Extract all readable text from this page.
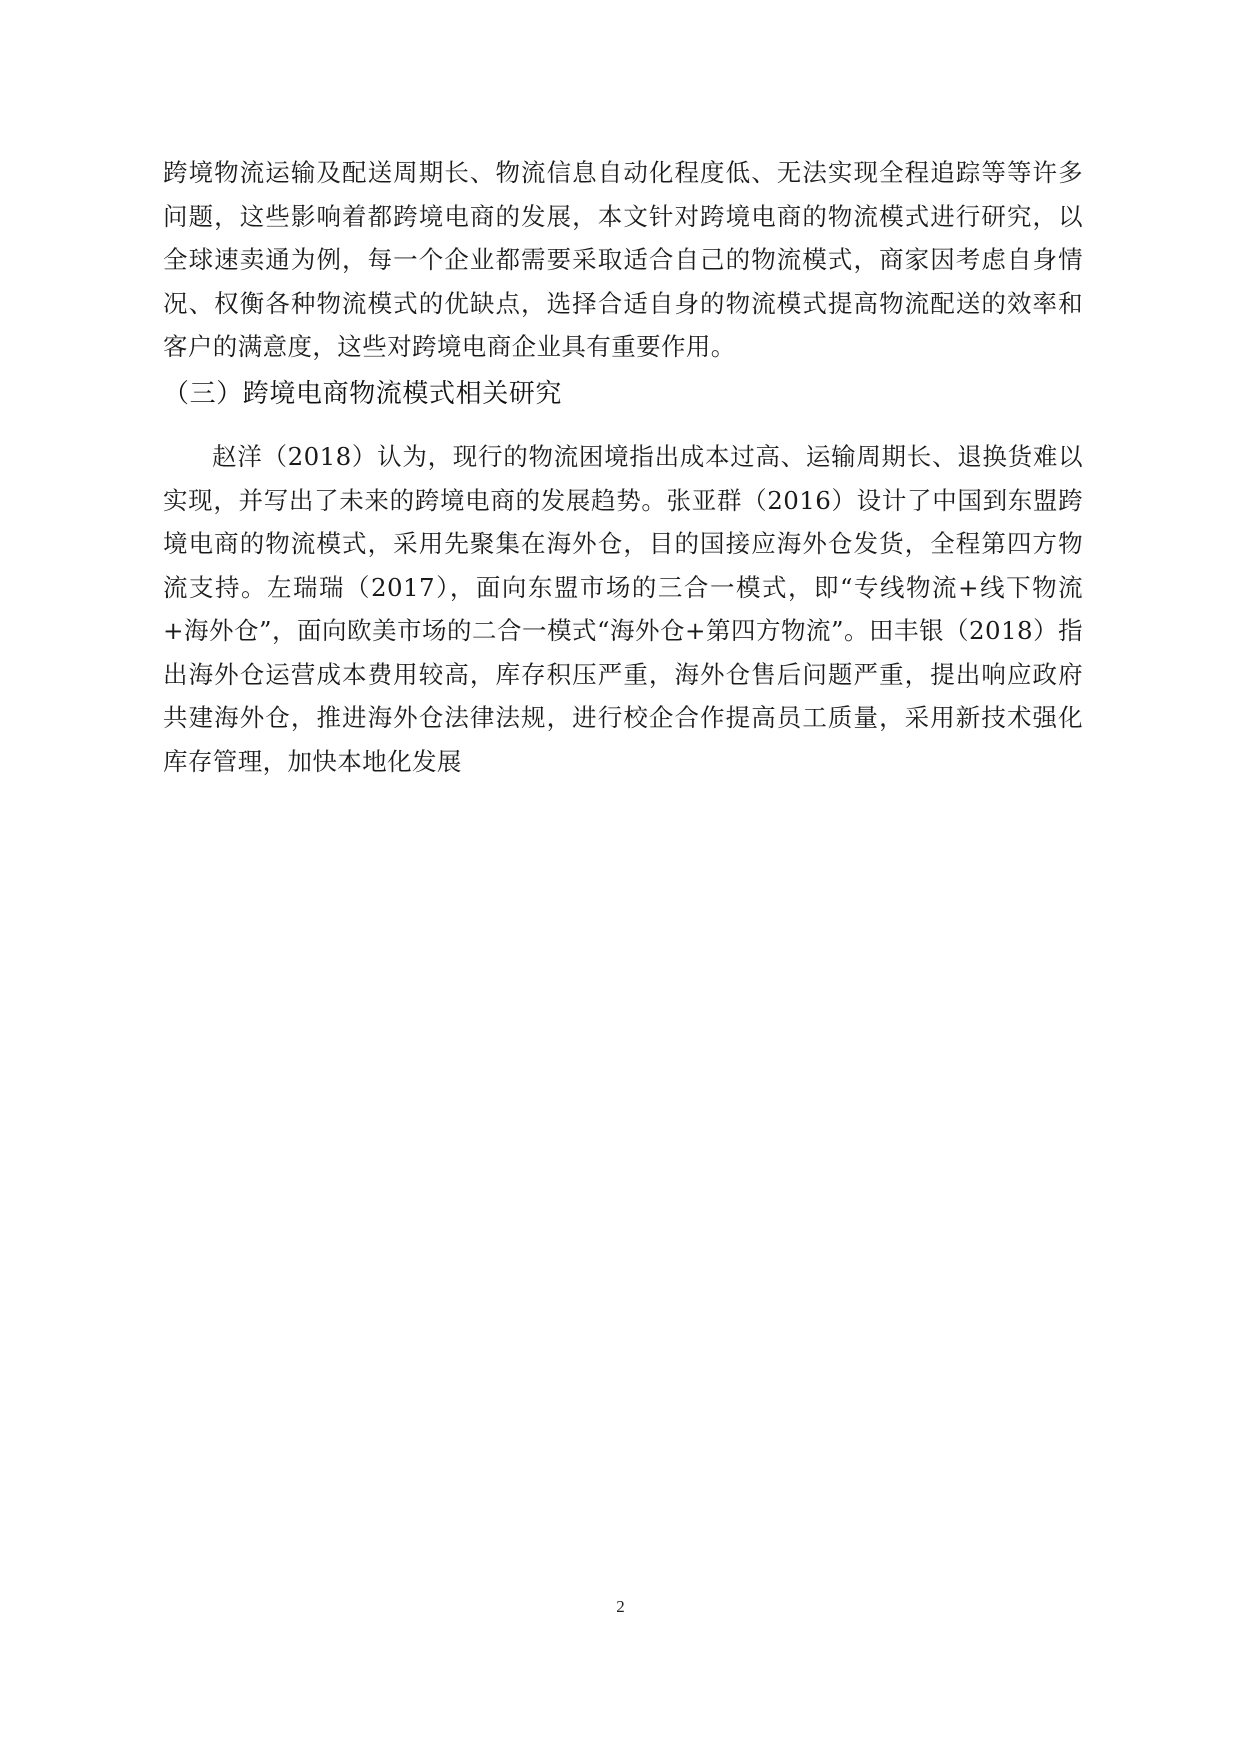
跨境物流运输及配送周期长、物流信息自动化程度低、无法实现全程追踪等等许多问题，这些影响着都跨境电商的发展，本文针对跨境电商的物流模式进行研究，以全球速卖通为例，每一个企业都需要采取适合自己的物流模式，商家因考虑自身情况、权衡各种物流模式的优缺点，选择合适自身的物流模式提高物流配送的效率和客户的满意度，这些对跨境电商企业具有重要作用。

（三）跨境电商物流模式相关研究

赵洋（2018）认为，现行的物流困境指出成本过高、运输周期长、退换货难以实现，并写出了未来的跨境电商的发展趋势。张亚群（2016）设计了中国到东盟跨境电商的物流模式，采用先聚集在海外仓，目的国接应海外仓发货，全程第四方物流支持。左瑞瑞（2017），面向东盟市场的三合一模式，即“专线物流+线下物流+海外仓”，面向欧美市场的二合一模式“海外仓+第四方物流”。田丰银（2018）指出海外仓运营成本费用较高，库存积压严重，海外仓售后问题严重，提出响应政府共建海外仓，推进海外仓法律法规，进行校企合作提高员工质量，采用新技术强化库存管理，加快本地化发展

2
